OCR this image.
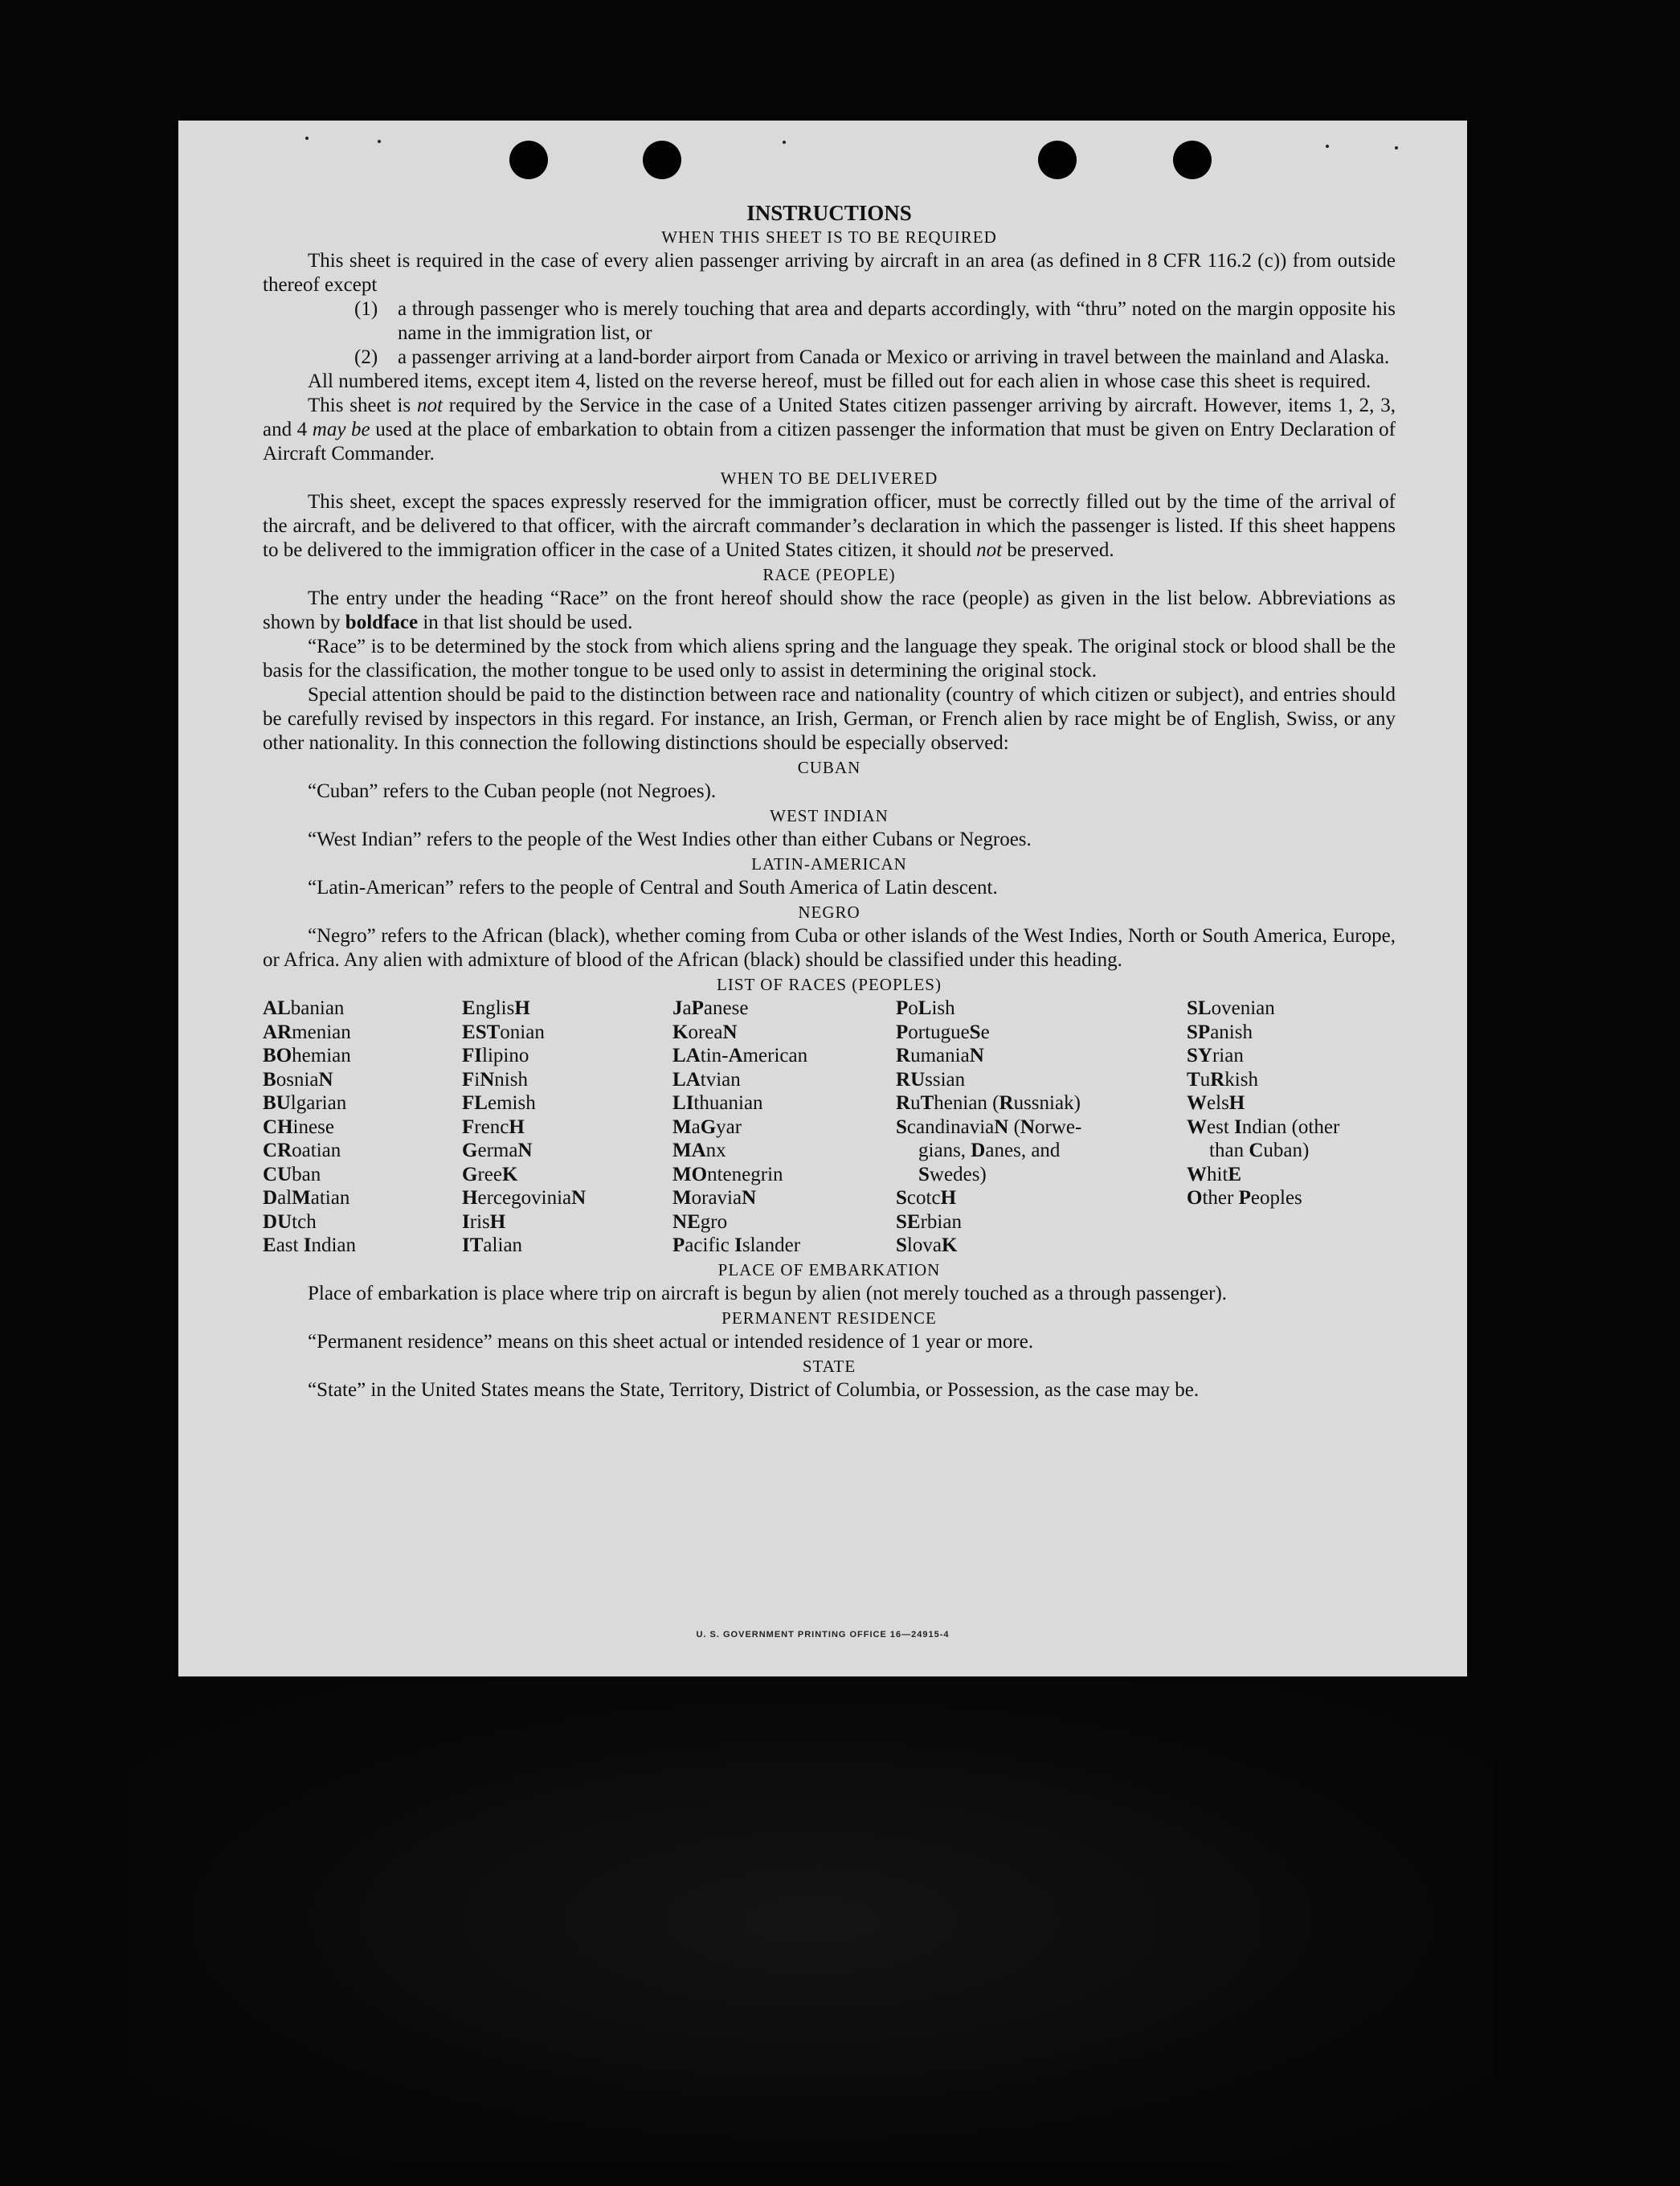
INSTRUCTIONS
WHEN THIS SHEET IS TO BE REQUIRED

This sheet is required in the case of every alien passenger arriving by aircraft in an area (as defined in 8 CFR 116.2 (c)) from outside thereof except

(1) a through passenger who is merely touching that area and departs accordingly, with “thru” noted on the margin opposite his name in the immigration list, or
(2) a passenger arriving at a land-border airport from Canada or Mexico or arriving in travel between the mainland and Alaska.

All numbered items, except item 4, listed on the reverse hereof, must be filled out for each alien in whose case this sheet is required.

This sheet is not required by the Service in the case of a United States citizen passenger arriving by aircraft. However, items 1, 2, 3, and 4 may be used at the place of embarkation to obtain from a citizen passenger the information that must be given on Entry Declaration of Aircraft Commander.

WHEN TO BE DELIVERED

This sheet, except the spaces expressly reserved for the immigration officer, must be correctly filled out by the time of the arrival of the aircraft, and be delivered to that officer, with the aircraft commander’s declaration in which the passenger is listed. If this sheet happens to be delivered to the immigration officer in the case of a United States citizen, it should not be preserved.

RACE (PEOPLE)

The entry under the heading “Race” on the front hereof should show the race (people) as given in the list below. Abbreviations as shown by boldface in that list should be used.

“Race” is to be determined by the stock from which aliens spring and the language they speak. The original stock or blood shall be the basis for the classification, the mother tongue to be used only to assist in determining the original stock.

Special attention should be paid to the distinction between race and nationality (country of which citizen or subject), and entries should be carefully revised by inspectors in this regard. For instance, an Irish, German, or French alien by race might be of English, Swiss, or any other nationality. In this connection the following distinctions should be especially observed:

CUBAN

“Cuban” refers to the Cuban people (not Negroes).

WEST INDIAN

“West Indian” refers to the people of the West Indies other than either Cubans or Negroes.

LATIN-AMERICAN

“Latin-American” refers to the people of Central and South America of Latin descent.

NEGRO

“Negro” refers to the African (black), whether coming from Cuba or other islands of the West Indies, North or South America, Europe, or Africa. Any alien with admixture of blood of the African (black) should be classified under this heading.

LIST OF RACES (PEOPLES)
ALbanian
ARmenian
BOhemian
BosniaN
BUlgarian
CHinese
CRoatian
CUban
DalMatian
DUtch
East Indian
EnglisH
ESTonian
FIlipino
FiNnish
FLemish
FrencH
GermaN
GreeK
HercegoviniaN
IrisH
ITalian
JaPanese
KoreaN
LAtin-American
LAtvian
LIthuanian
MaGyar
MAnx
MOntenegrin
MoraviaN
NEgro
Pacific Islander
PoLish
PortugueSe
RumaniaN
RUssian
RuThenian (Russniak)
ScandinaviaN (Norwe-
gians, Danes, and
Swedes)
ScotcH
SErbian
SlovaK
SLovenian
SPanish
SYrian
TuRkish
WelsH
West Indian (other
than Cuban)
WhitE
Other Peoples
PLACE OF EMBARKATION

Place of embarkation is place where trip on aircraft is begun by alien (not merely touched as a through passenger).

PERMANENT RESIDENCE

“Permanent residence” means on this sheet actual or intended residence of 1 year or more.

STATE

“State” in the United States means the State, Territory, District of Columbia, or Possession, as the case may be.

U. S. GOVERNMENT PRINTING OFFICE 16—24915-4
